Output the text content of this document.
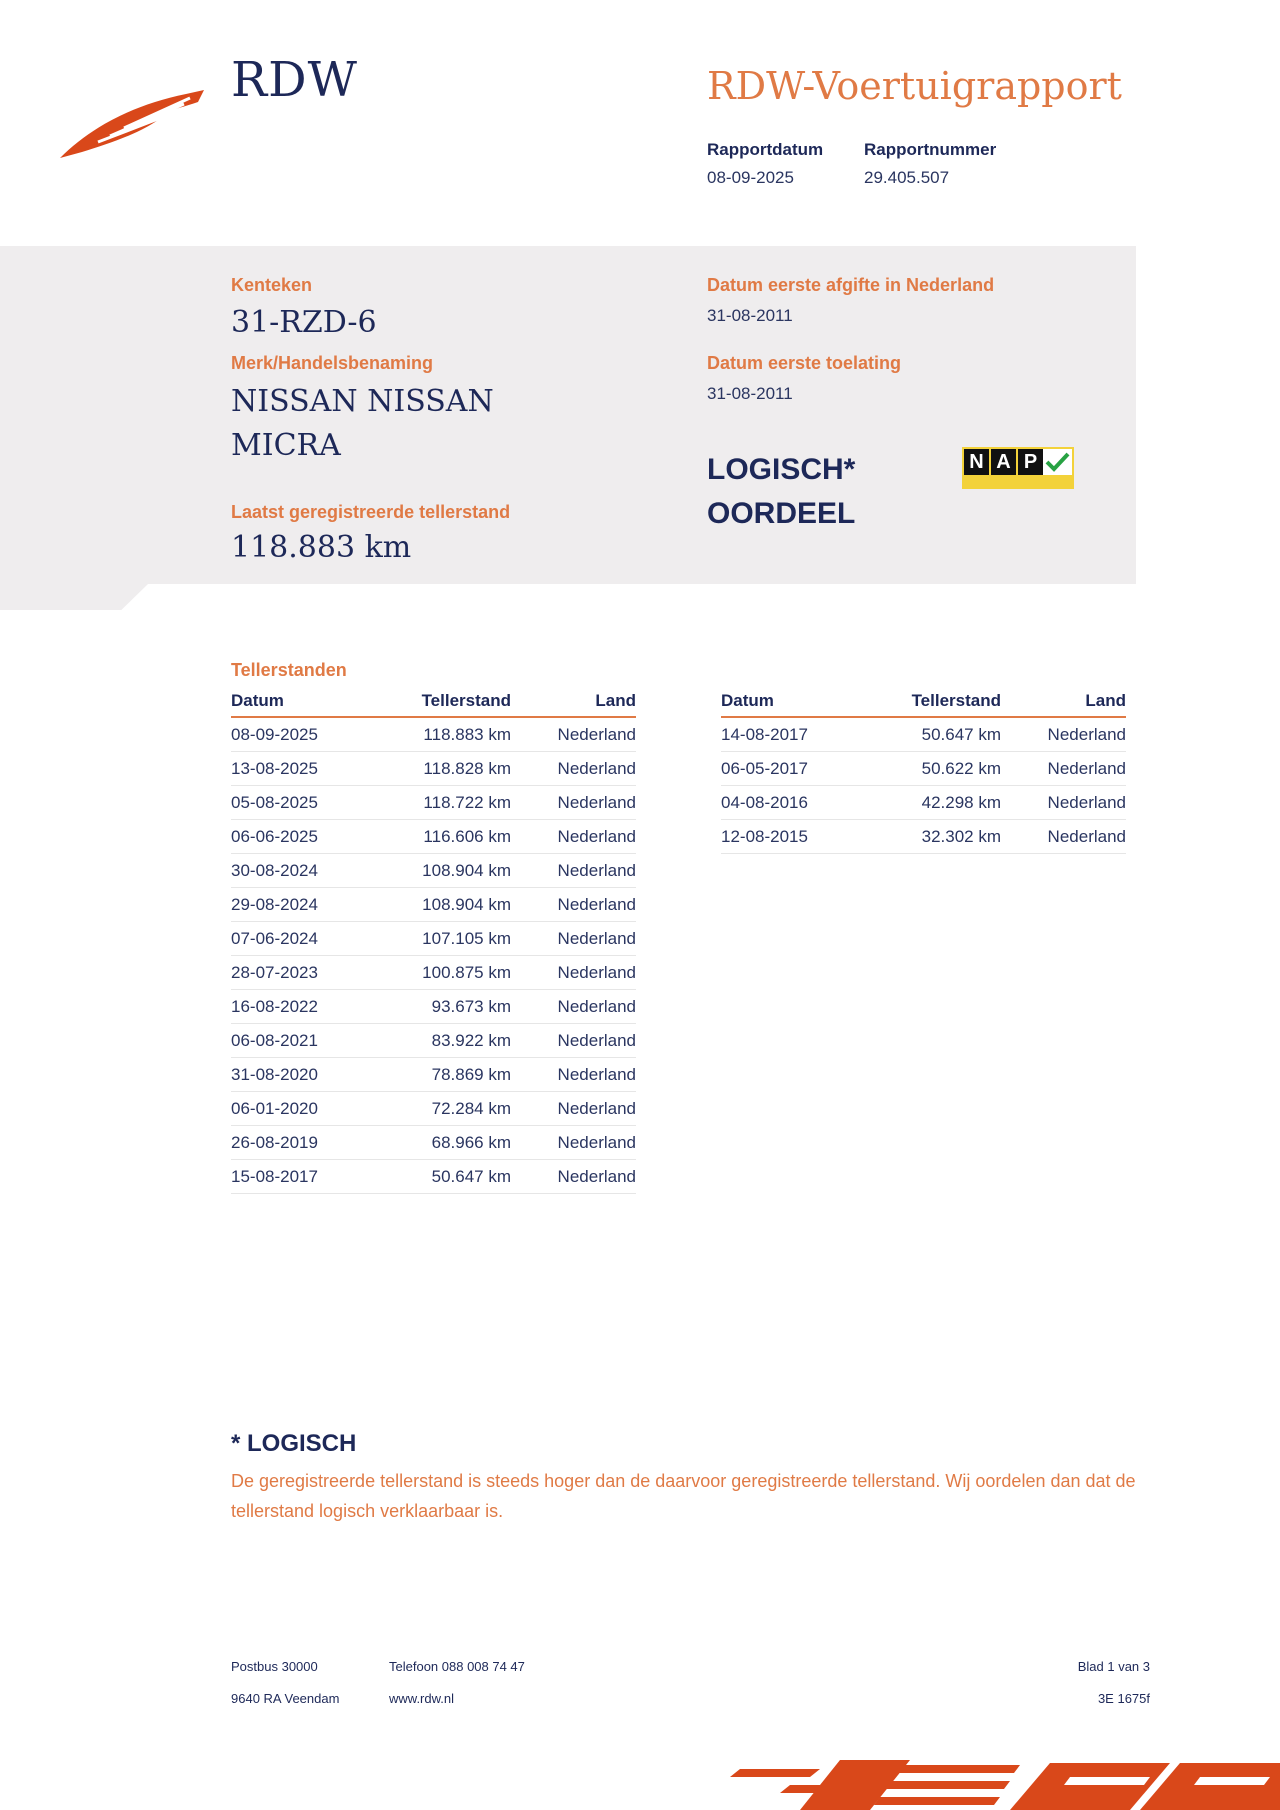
RDW	RDW-Voertuigrapport
Rapportdatum Rapportnummer
08-09-2025	29.405.507
Kenteken
31-RZD-6
Merk/Handelsbenaming
NISSAN NISSAN
MICRA
Laatst geregistreerde tellerstand
118.883 km
Datum eerste afgifte in Nederland
31-08-2011
Datum eerste toelating
31-08-2011
LOGISCH*
OORDEEL
N A P
Tellerstanden
Datum	Tellerstand	Land
08-09-2025	118.883 km	Nederland
13-08-2025	118.828 km	Nederland
05-08-2025	118.722 km	Nederland
06-06-2025	116.606 km	Nederland
30-08-2024	108.904 km	Nederland
29-08-2024	108.904 km	Nederland
07-06-2024	107.105 km	Nederland
28-07-2023	100.875 km	Nederland
16-08-2022	93.673 km	Nederland
06-08-2021	83.922 km	Nederland
31-08-2020	78.869 km	Nederland
06-01-2020	72.284 km	Nederland
26-08-2019	68.966 km	Nederland
15-08-2017	50.647 km	Nederland
Datum	Tellerstand	Land
14-08-2017	50.647 km	Nederland
06-05-2017	50.622 km	Nederland
04-08-2016	42.298 km	Nederland
12-08-2015	32.302 km	Nederland
* LOGISCH
De geregistreerde tellerstand is steeds hoger dan de daarvoor geregistreerde tellerstand. Wij oordelen dan dat de tellerstand logisch verklaarbaar is.
Postbus 30000
9640 RA Veendam
Telefoon 088 008 74 47
www.rdw.nl
Blad 1 van 3
3E 1675f
